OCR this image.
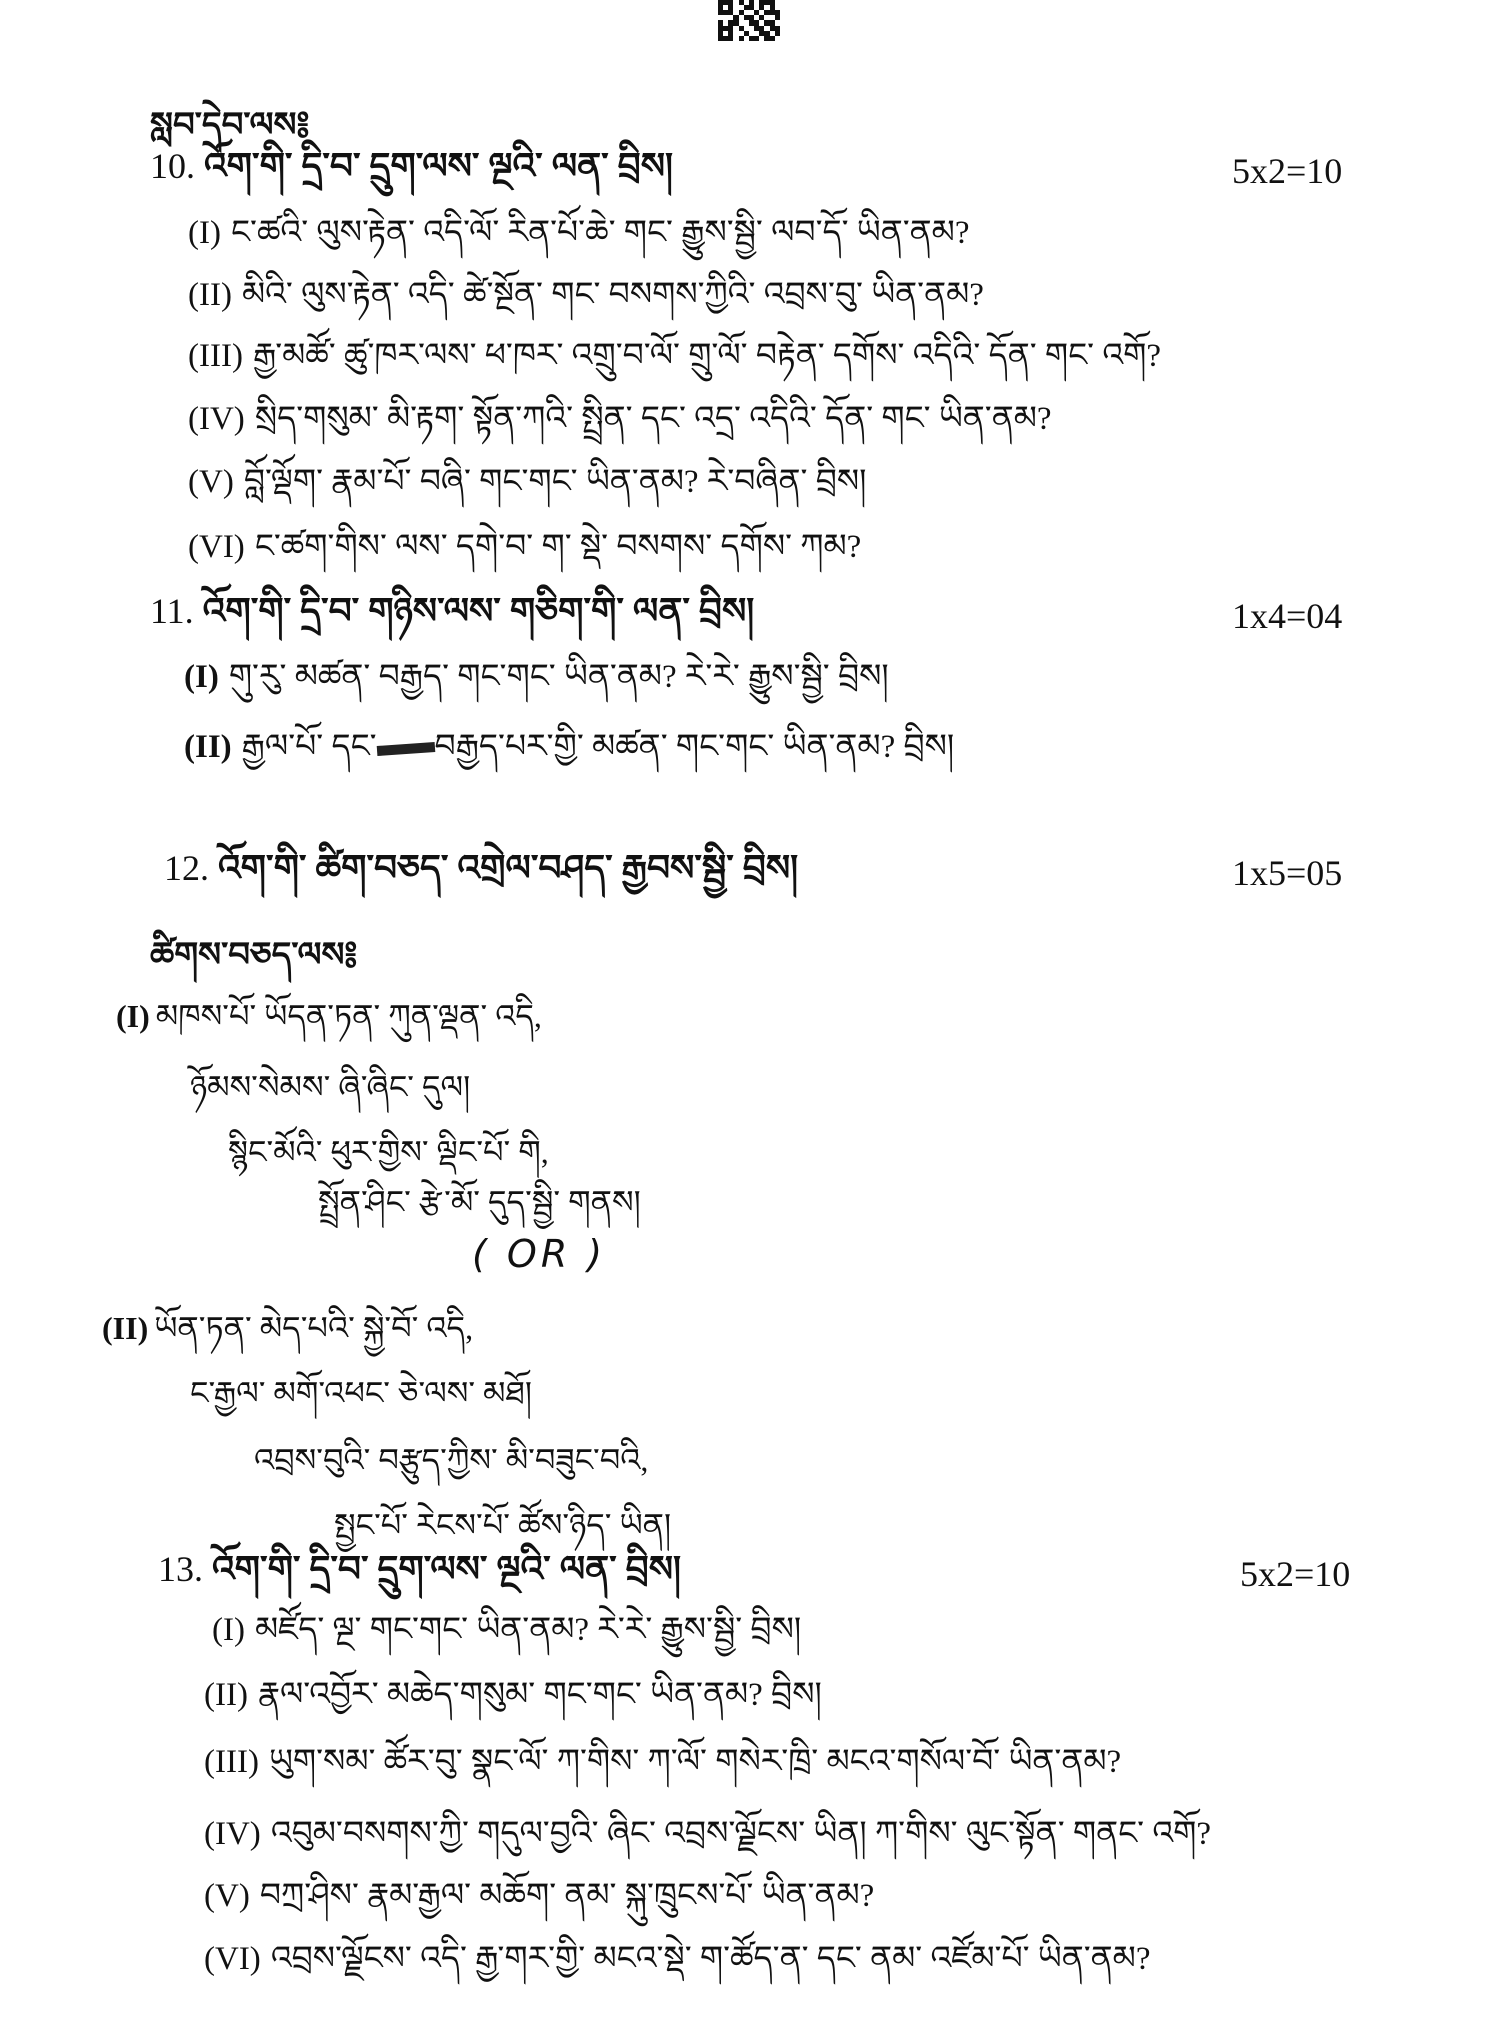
སླབ་དེབ་ལས༔
10. འོག་གི་ དྲི་བ་ དྲུག་ལས་ ལྔའི་ ལན་ བྲིས།	5x2=10
(I) ང་ཚའི་ ལུས་རྟེན་ འདི་ལོ་ རིན་པོ་ཆེ་ གང་ རྒྱུས་སྦྱི་ ལབ་དོ་ ཡིན་ནམ?
(II) མིའི་ ལུས་རྟེན་ འདི་ ཚེ་སྔོན་ གང་ བསགས་ཀྱིའི་ འབྲས་བུ་ ཡིན་ནམ?
(III) རྒྱ་མཚོ་ ཚུ་ཁར་ལས་ ཕ་ཁར་ འགྲུ་བ་ལོ་ གྲུ་ལོ་ བརྟེན་ དགོས་ འདིའི་ དོན་ གང་ འགོ?
(IV) སྲིད་གསུམ་ མི་རྟག་ སྟོན་ཀའི་ སྤྲིན་ དང་ འདྲ་ འདིའི་ དོན་ གང་ ཡིན་ནམ?
(V) བློ་ལྡོག་ རྣམ་པོ་ བཞི་ གང་གང་ ཡིན་ནམ? རེ་བཞིན་ བྲིས།
(VI) ང་ཚག་གིས་ ལས་ དགེ་བ་ ག་ སྡེ་ བསགས་ དགོས་ ཀམ?
11. འོག་གི་ དྲི་བ་ གཉིས་ལས་ གཅིག་གི་ ལན་ བྲིས།	1x4=04
(I) གུ་རུ་ མཚན་ བརྒྱད་ གང་གང་ ཡིན་ནམ? རེ་རེ་ རྒྱུས་སྦྱི་ བྲིས།
(II) རྒྱལ་པོ་ དང་ བརྒྱད་པར་གྱི་ མཚན་ གང་གང་ ཡིན་ནམ? བྲིས།
12. འོག་གི་ ཚིག་བཅད་ འགྲེལ་བཤད་ རྒྱབས་སྦྱི་ བྲིས།	1x5=05
ཚིགས་བཅད་ལས༔
(I) མཁས་པོ་ ཡོདན་ཏན་ ཀུན་ལྡན་ འདི,
ཉོམས་སེམས་ ཞི་ཞིང་ དུལ།
སྙིང་མོའི་ ཕུར་གྱིས་ ལྡིང་པོ་ གི,
སྤྲོན་ཤིང་ རྩེ་མོ་ དུད་སྦྱི་ གནས།
( OR )
(II) ཡོན་ཏན་ མེད་པའི་ སྐྱེ་བོ་ འདི,
ང་རྒྱལ་ མགོ་འཕང་ ཅེ་ལས་ མཐོ།
འབྲས་བུའི་ བརྩུད་ཀྱིས་ མི་བཟུང་བའི,
སྤྱང་པོ་ རེངས་པོ་ ཚོས་ཉིད་ ཡིན།
13. འོག་གི་ དྲི་བ་ དྲུག་ལས་ ལྔའི་ ལན་ བྲིས།	5x2=10
(I) མཛོད་ ལྔ་ གང་གང་ ཡིན་ནམ? རེ་རེ་ རྒྱུས་སྦྱི་ བྲིས།
(II) རྣལ་འབྱོར་ མཆེད་གསུམ་ གང་གང་ ཡིན་ནམ? བྲིས།
(III) ཡུག་སམ་ ཚོར་བུ་ སྣང་ལོ་ ཀ་གིས་ ཀ་ལོ་ གསེར་ཁྲི་ མངའ་གསོལ་བོ་ ཡིན་ནམ?
(IV) འབུམ་བསགས་ཀྱི་ གདུལ་བྱའི་ ཞིང་ འབྲས་ལྗོངས་ ཡིན། ཀ་གིས་ ལུང་སྟོན་ གནང་ འགོ?
(V) བཀྲ་ཤིས་ རྣམ་རྒྱལ་ མཆོག་ ནམ་ སྐུ་ཁྲུངས་པོ་ ཡིན་ནམ?
(VI) འབྲས་ལྗོངས་ འདི་ རྒྱ་གར་གྱི་ མངའ་སྡེ་ ག་ཚོད་ན་ དང་ ནམ་ འཛོམ་པོ་ ཡིན་ནམ?
